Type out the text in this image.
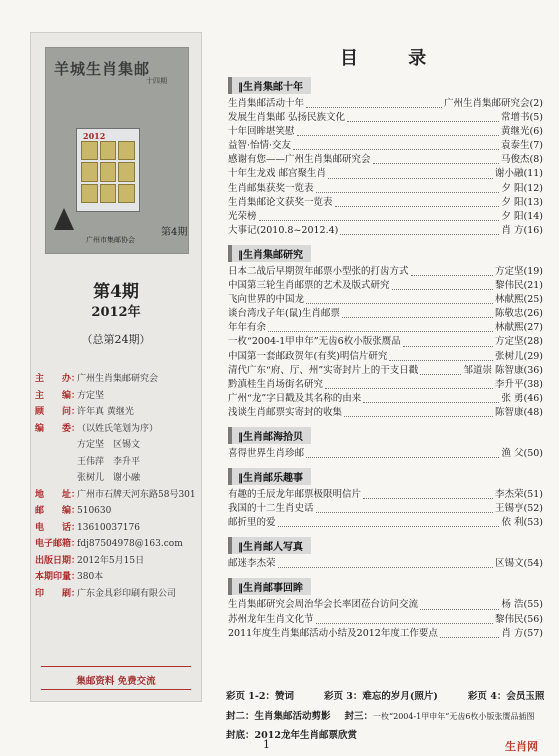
羊城生肖集邮
十四期
2012
广州市集邮协会
第4期
第4期
2012年
（总第24期）
主　　办：
广州生肖集邮研究会
主　　编：
方定坚
顾　　问：
许年真 黄继光
编　　委：
（以姓氏笔划为序）
方定坚　区锡文
王伟萍　李升平
张树儿　谢小融
地　　址：
广州市石牌天河东路58号301
邮　　编：
510630
电　　话：
13610037176
电子邮箱：
fdj87504978@163.com
出版日期：
2012年5月15日
本期印量：
380本
印　　刷：
广东金具彩印刷有限公司
集邮资料 免费交流
目 录
‖生肖集邮十年
生肖集邮活动十年	广州生肖集邮研究会(2)
发展生肖集邮 弘扬民族文化	常增书(5)
十年回眸堪笑慰	黄继光(6)
益智·怡情·交友	袁泰生(7)
感谢有您——广州生肖集邮研究会	马俊杰(8)
十年生龙戏 邮宫聚生肖	谢小融(11)
生肖邮集获奖一览表	夕 阳(12)
生肖集邮论文获奖一览表	夕 阳(13)
光荣榜	夕 阳(14)
大事记(2010.8~2012.4)	肖 方(16)
‖生肖集邮研究
日本二战后早期贺年邮票小型张的打齿方式	方定坚(19)
中国第三轮生肖邮票的艺术及版式研究	黎伟民(21)
飞向世界的中国龙	林献熙(25)
谈台湾戊子年(鼠)生肖邮票	陈敬忠(26)
年年有余	林献熙(27)
一枚“2004-1甲申年”无齿6枚小版张赝品	方定坚(28)
中国第一套邮政贺年(有奖)明信片研究	张树儿(29)
清代广东“府、厅、州”实寄封片上的干支日戳	邹道崇 陈智康(36)
黔滇桂生肖场街名研究	李升平(38)
广州“龙”字日戳及其名称的由来	张 勇(46)
浅谈生肖邮票实寄封的收集	陈智康(48)
‖生肖邮海拾贝
喜得世界生肖珍邮	渔 父(50)
‖生肖邮乐趣事
有趣的壬辰龙年邮票极限明信片	李杰荣(51)
我国的十二生肖史话	王锡亨(52)
邮折里的爱	依 利(53)
‖生肖邮人写真
邮迷李杰荣	区锡文(54)
‖生肖邮事回眸
生肖集邮研究会周治华会长率团莅台访问交流	杨 浩(55)
苏州龙年生肖文化节	黎伟民(56)
2011年度生肖集邮活动小结及2012年度工作要点	肖 方(57)
彩页 1-2：赞词	彩页 3：难忘的岁月(照片)	彩页 4：会员玉照
封二：生肖集邮活动剪影 封三：一枚“2004-1甲申年”无齿6枚小版张赝品插图
封底：2012龙年生肖邮票欣赏
1	生肖网
